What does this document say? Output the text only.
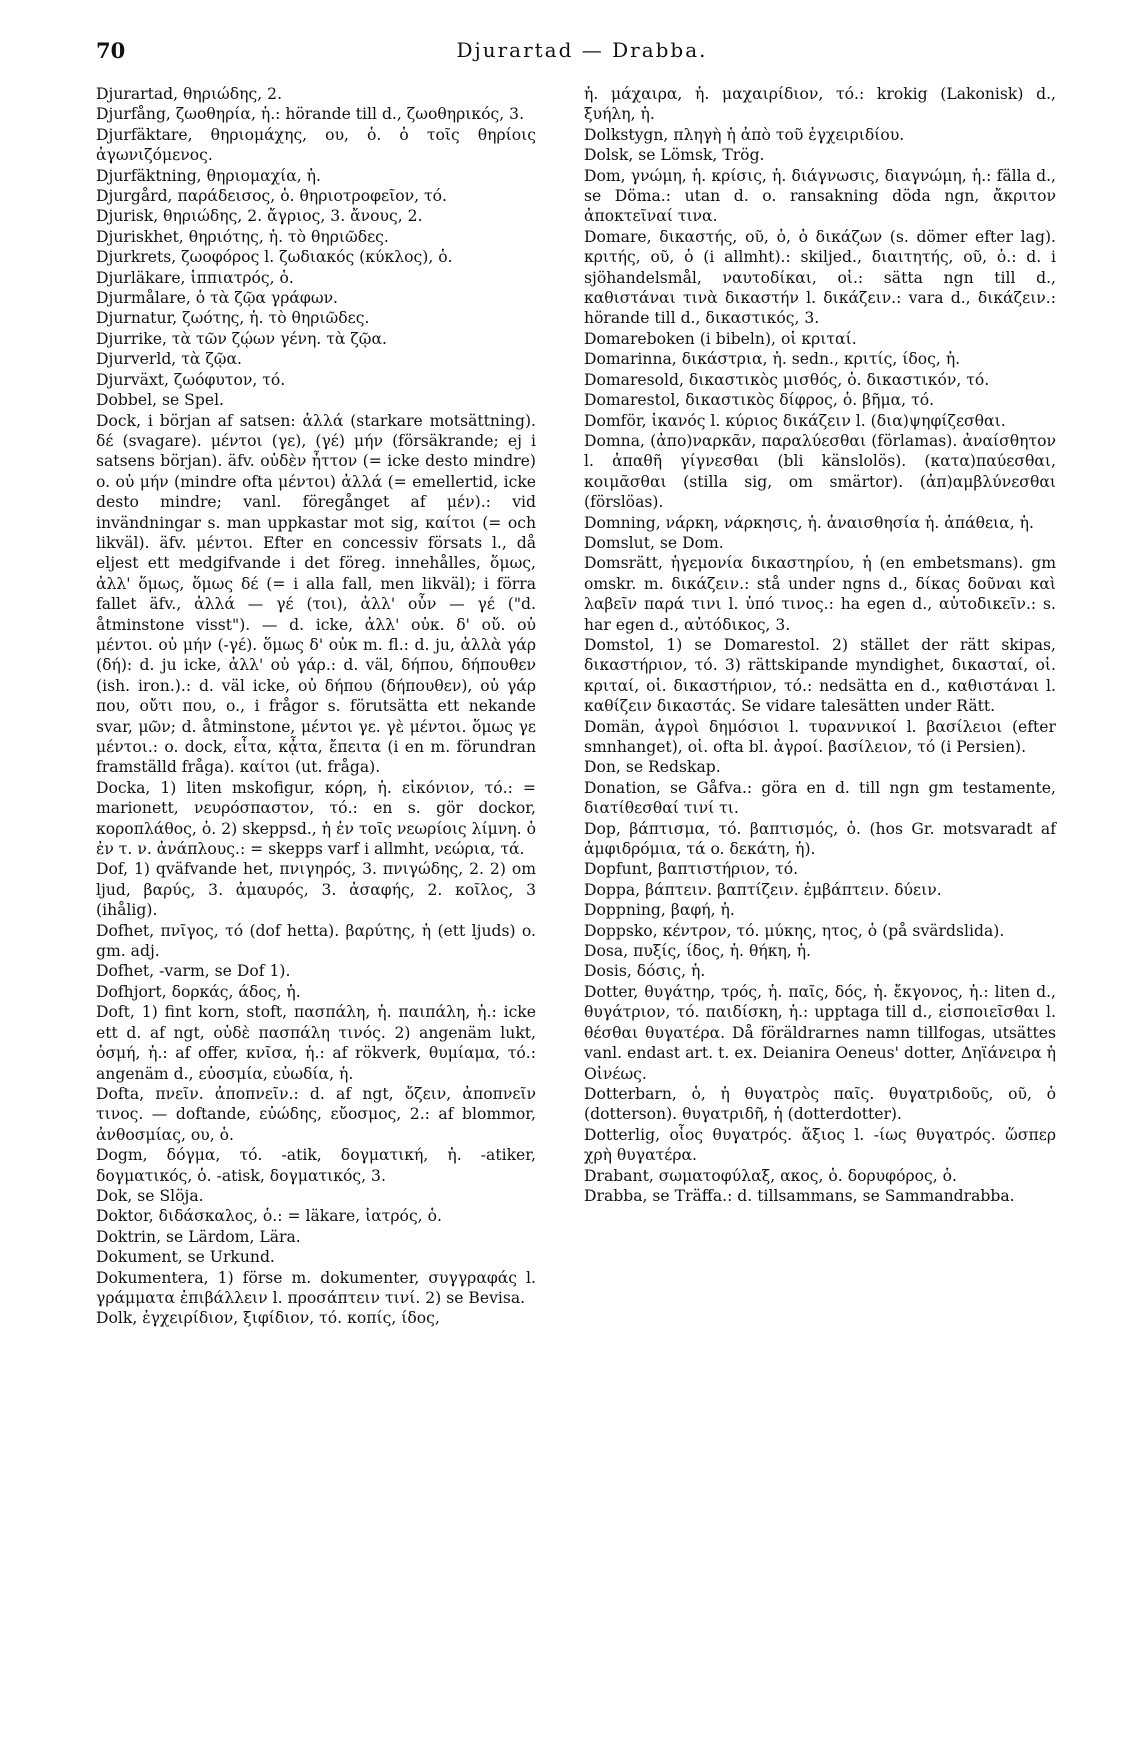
70	Djurartad — Drabba.

Djurartad, θηριώδης, 2.

Djurfång, ζωοθηρία, ἡ.: hörande till d., ζωοθηρικός, 3.

Djurfäktare, θηριομάχης, ου, ὁ. ὁ τοῖς θηρίοις ἀγωνιζόμενος.

Djurfäktning, θηριομαχία, ἡ.

Djurgård, παράδεισος, ὁ. θηριοτροφεῖον, τό.

Djurisk, θηριώδης, 2. ἄγριος, 3. ἄνους, 2.

Djuriskhet, θηριότης, ἡ. τὸ θηριῶδες.

Djurkrets, ζωοφόρος l. ζωδιακός (κύκλος), ὁ.

Djurläkare, ἱππιατρός, ὁ.

Djurmålare, ὁ τὰ ζῷα γράφων.

Djurnatur, ζωότης, ἡ. τὸ θηριῶδες.

Djurrike, τὰ τῶν ζῴων γένη. τὰ ζῷα.

Djurverld, τὰ ζῷα.

Djurväxt, ζωόφυτον, τό.

Dobbel, se Spel.

Dock, i början af satsen: ἀλλά (starkare motsättning). δέ (svagare). μέντοι (γε), (γέ) μήν (försäkrande; ej i satsens början). äfv. οὐδὲν ἧττον (= icke desto mindre) o. οὐ μήν (mindre ofta μέντοι) ἀλλά (= emellertid, icke desto mindre; vanl. föregånget af μέν).: vid invändningar s. man uppkastar mot sig, καίτοι (= och likväl). äfv. μέντοι. Efter en concessiv försats l., då eljest ett medgifvande i det föreg. innehålles, ὅμως, ἀλλ' ὅμως, ὅμως δέ (= i alla fall, men likväl); i förra fallet äfv., ἀλλά — γέ (τοι), ἀλλ' οὖν — γέ ("d. åtminstone visst"). — d. icke, ἀλλ' οὐκ. δ' οὔ. οὐ μέντοι. οὐ μήν (-γέ). ὅμως δ' οὐκ m. fl.: d. ju, ἀλλὰ γάρ (δή): d. ju icke, ἀλλ' οὐ γάρ.: d. väl, δήπου, δήπουθεν (ish. iron.).: d. väl icke, οὐ δήπου (δήπουθεν), οὐ γάρ που, οὔτι που, o., i frågor s. förutsätta ett nekande svar, μῶν; d. åtminstone, μέντοι γε. γὲ μέντοι. ὅμως γε μέντοι.: o. dock, εἶτα, κᾆτα, ἔπειτα (i en m. förundran framställd fråga). καίτοι (ut. fråga).

Docka, 1) liten mskofigur, κόρη, ἡ. εἰκόνιον, τό.: = marionett, νευρόσπαστον, τό.: en s. gör dockor, κοροπλάθος, ὁ. 2) skeppsd., ἡ ἐν τοῖς νεωρίοις λίμνη. ὁ ἐν τ. ν. ἀνάπλους.: = skepps varf i allmht, νεώρια, τά.

Dof, 1) qväfvande het, πνιγηρός, 3. πνιγώδης, 2. 2) om ljud, βαρύς, 3. ἀμαυρός, 3. ἀσαφής, 2. κοῖλος, 3 (ihålig).

Dofhet, πνῖγος, τό (dof hetta). βαρύτης, ἡ (ett ljuds) o. gm. adj.

Dofhet, -varm, se Dof 1).

Dofhjort, δορκάς, άδος, ἡ.

Doft, 1) fint korn, stoft, πασπάλη, ἡ. παιπάλη, ἡ.: icke ett d. af ngt, οὐδὲ πασπάλη τινός. 2) angenäm lukt, ὀσμή, ἡ.: af offer, κνῖσα, ἡ.: af rökverk, θυμίαμα, τό.: angenäm d., εὐοσμία, εὐωδία, ἡ.

Dofta, πνεῖν. ἀποπνεῖν.: d. af ngt, ὄζειν, ἀποπνεῖν τινος. — doftande, εὐώδης, εὔοσμος, 2.: af blommor, ἀνθοσμίας, ου, ὁ.

Dogm, δόγμα, τό. -atik, δογματική, ἡ. -atiker, δογματικός, ὁ. -atisk, δογματικός, 3.

Dok, se Slöja.

Doktor, διδάσκαλος, ὁ.: = läkare, ἰατρός, ὁ.

Doktrin, se Lärdom, Lära.

Dokument, se Urkund.

Dokumentera, 1) förse m. dokumenter, συγγραφάς l. γράμματα ἐπιβάλλειν l. προσάπτειν τινί. 2) se Bevisa.

Dolk, ἐγχειρίδιον, ξιφίδιον, τό. κοπίς, ίδος,

ἡ. μάχαιρα, ἡ. μαχαιρίδιον, τό.: krokig (Lakonisk) d., ξυήλη, ἡ.

Dolkstygn, πληγὴ ἡ ἀπὸ τοῦ ἐγχειριδίου.

Dolsk, se Lömsk, Trög.

Dom, γνώμη, ἡ. κρίσις, ἡ. διάγνωσις, διαγνώμη, ἡ.: fälla d., se Döma.: utan d. o. ransakning döda ngn, ἄκριτον ἀποκτεῖναί τινα.

Domare, δικαστής, οῦ, ὁ, ὁ δικάζων (s. dömer efter lag). κριτής, οῦ, ὁ (i allmht).: skiljed., διαιτητής, οῦ, ὁ.: d. i sjöhandelsmål, ναυτοδίκαι, οἱ.: sätta ngn till d., καθιστάναι τινὰ δικαστήν l. δικάζειν.: vara d., δικάζειν.: hörande till d., δικαστικός, 3.

Domareboken (i bibeln), οἱ κριταί.

Domarinna, δικάστρια, ἡ. sedn., κριτίς, ίδος, ἡ.

Domaresold, δικαστικὸς μισθός, ὁ. δικαστικόν, τό.

Domarestol, δικαστικὸς δίφρος, ὁ. βῆμα, τό.

Domför, ἱκανός l. κύριος δικάζειν l. (δια)ψηφίζεσθαι.

Domna, (ἀπο)ναρκᾶν, παραλύεσθαι (förlamas). ἀναίσθητον l. ἀπαθῆ γίγνεσθαι (bli känslolös). (κατα)παύεσθαι, κοιμᾶσθαι (stilla sig, om smärtor). (ἀπ)αμβλύνεσθαι (förslöas).

Domning, νάρκη, νάρκησις, ἡ. ἀναισθησία ἡ. ἀπάθεια, ἡ.

Domslut, se Dom.

Domsrätt, ἡγεμονία δικαστηρίου, ἡ (en embetsmans). gm omskr. m. δικάζειν.: stå under ngns d., δίκας δοῦναι καὶ λαβεῖν παρά τινι l. ὑπό τινος.: ha egen d., αὐτοδικεῖν.: s. har egen d., αὐτόδικος, 3.

Domstol, 1) se Domarestol. 2) stället der rätt skipas, δικαστήριον, τό. 3) rättskipande myndighet, δικασταί, οἱ. κριταί, οἱ. δικαστήριον, τό.: nedsätta en d., καθιστάναι l. καθίζειν δικαστάς. Se vidare talesätten under Rätt.

Domän, ἀγροὶ δημόσιοι l. τυραννικοί l. βασίλειοι (efter smnhanget), οἱ. ofta bl. ἀγροί. βασίλειον, τό (i Persien).

Don, se Redskap.

Donation, se Gåfva.: göra en d. till ngn gm testamente, διατίθεσθαί τινί τι.

Dop, βάπτισμα, τό. βαπτισμός, ὁ. (hos Gr. motsvaradt af ἀμφιδρόμια, τά o. δεκάτη, ἡ).

Dopfunt, βαπτιστήριον, τό.

Doppa, βάπτειν. βαπτίζειν. ἐμβάπτειν. δύειν.

Doppning, βαφή, ἡ.

Doppsko, κέντρον, τό. μύκης, ητος, ὁ (på svärdslida).

Dosa, πυξίς, ίδος, ἡ. θήκη, ἡ.

Dosis, δόσις, ἡ.

Dotter, θυγάτηρ, τρός, ἡ. παῖς, δός, ἡ. ἔκγονος, ἡ.: liten d., θυγάτριον, τό. παιδίσκη, ἡ.: upptaga till d., εἰσποιεῖσθαι l. θέσθαι θυγατέρα. Då föräldrarnes namn tillfogas, utsättes vanl. endast art. t. ex. Deianira Oeneus' dotter, Δηϊάνειρα ἡ Οἰνέως.

Dotterbarn, ὁ, ἡ θυγατρὸς παῖς. θυγατριδοῦς, οῦ, ὁ (dotterson). θυγατριδῆ, ἡ (dotterdotter).

Dotterlig, οἷος θυγατρός. ἄξιος l. -ίως θυγατρός. ὥσπερ χρὴ θυγατέρα.

Drabant, σωματοφύλαξ, ακος, ὁ. δορυφόρος, ὁ.

Drabba, se Träffa.: d. tillsammans, se Sammandrabba.
